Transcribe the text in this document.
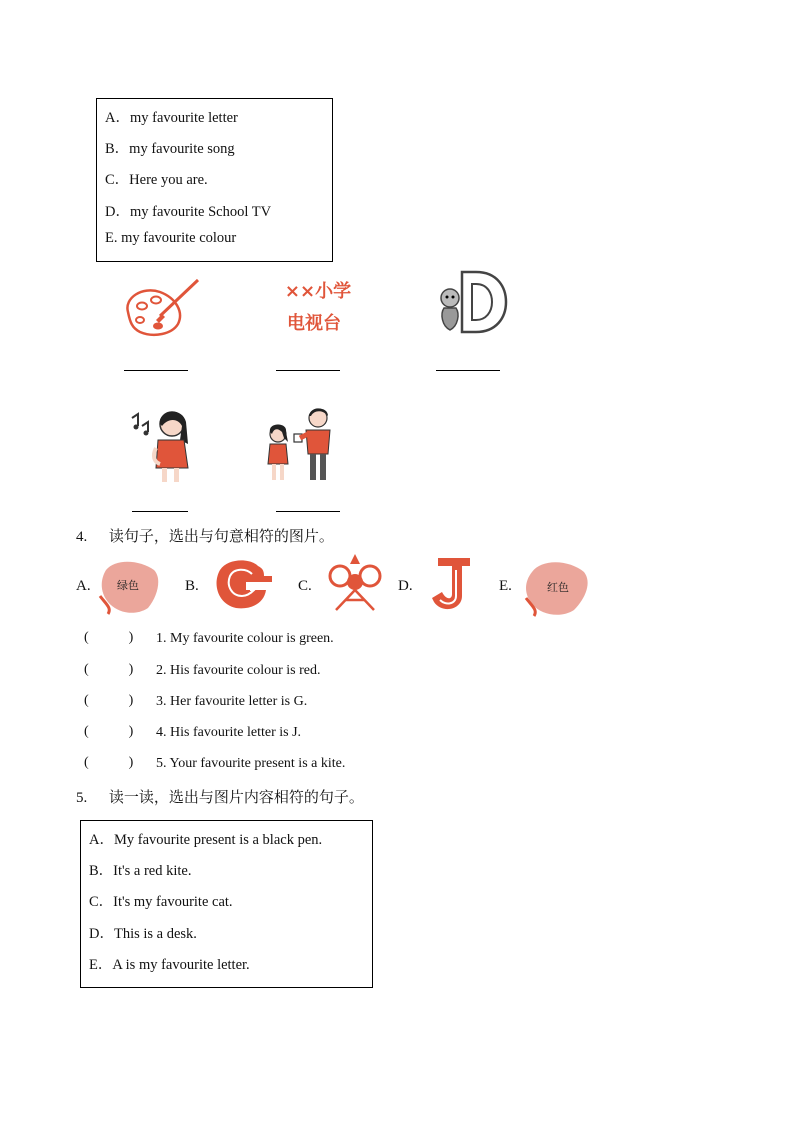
A．my favourite letter
B．my favourite song
C．Here you are.
D．my favourite School TV
E. my favourite colour
××小学
电视台
4. 读句子，选出与句意相符的图片。
A. 绿色	B.	C.	D.	E.	红色
(	) 1. My favourite colour is green.
(	) 2. His favourite colour is red.
(	) 3. Her favourite letter is G.
(	) 4. His favourite letter is J.
(	) 5. Your favourite present is a kite.
5. 读一读，选出与图片内容相符的句子。
A．My favourite present is a black pen.
B．It's a red kite.
C．It's my favourite cat.
D．This is a desk.
E．A is my favourite letter.
